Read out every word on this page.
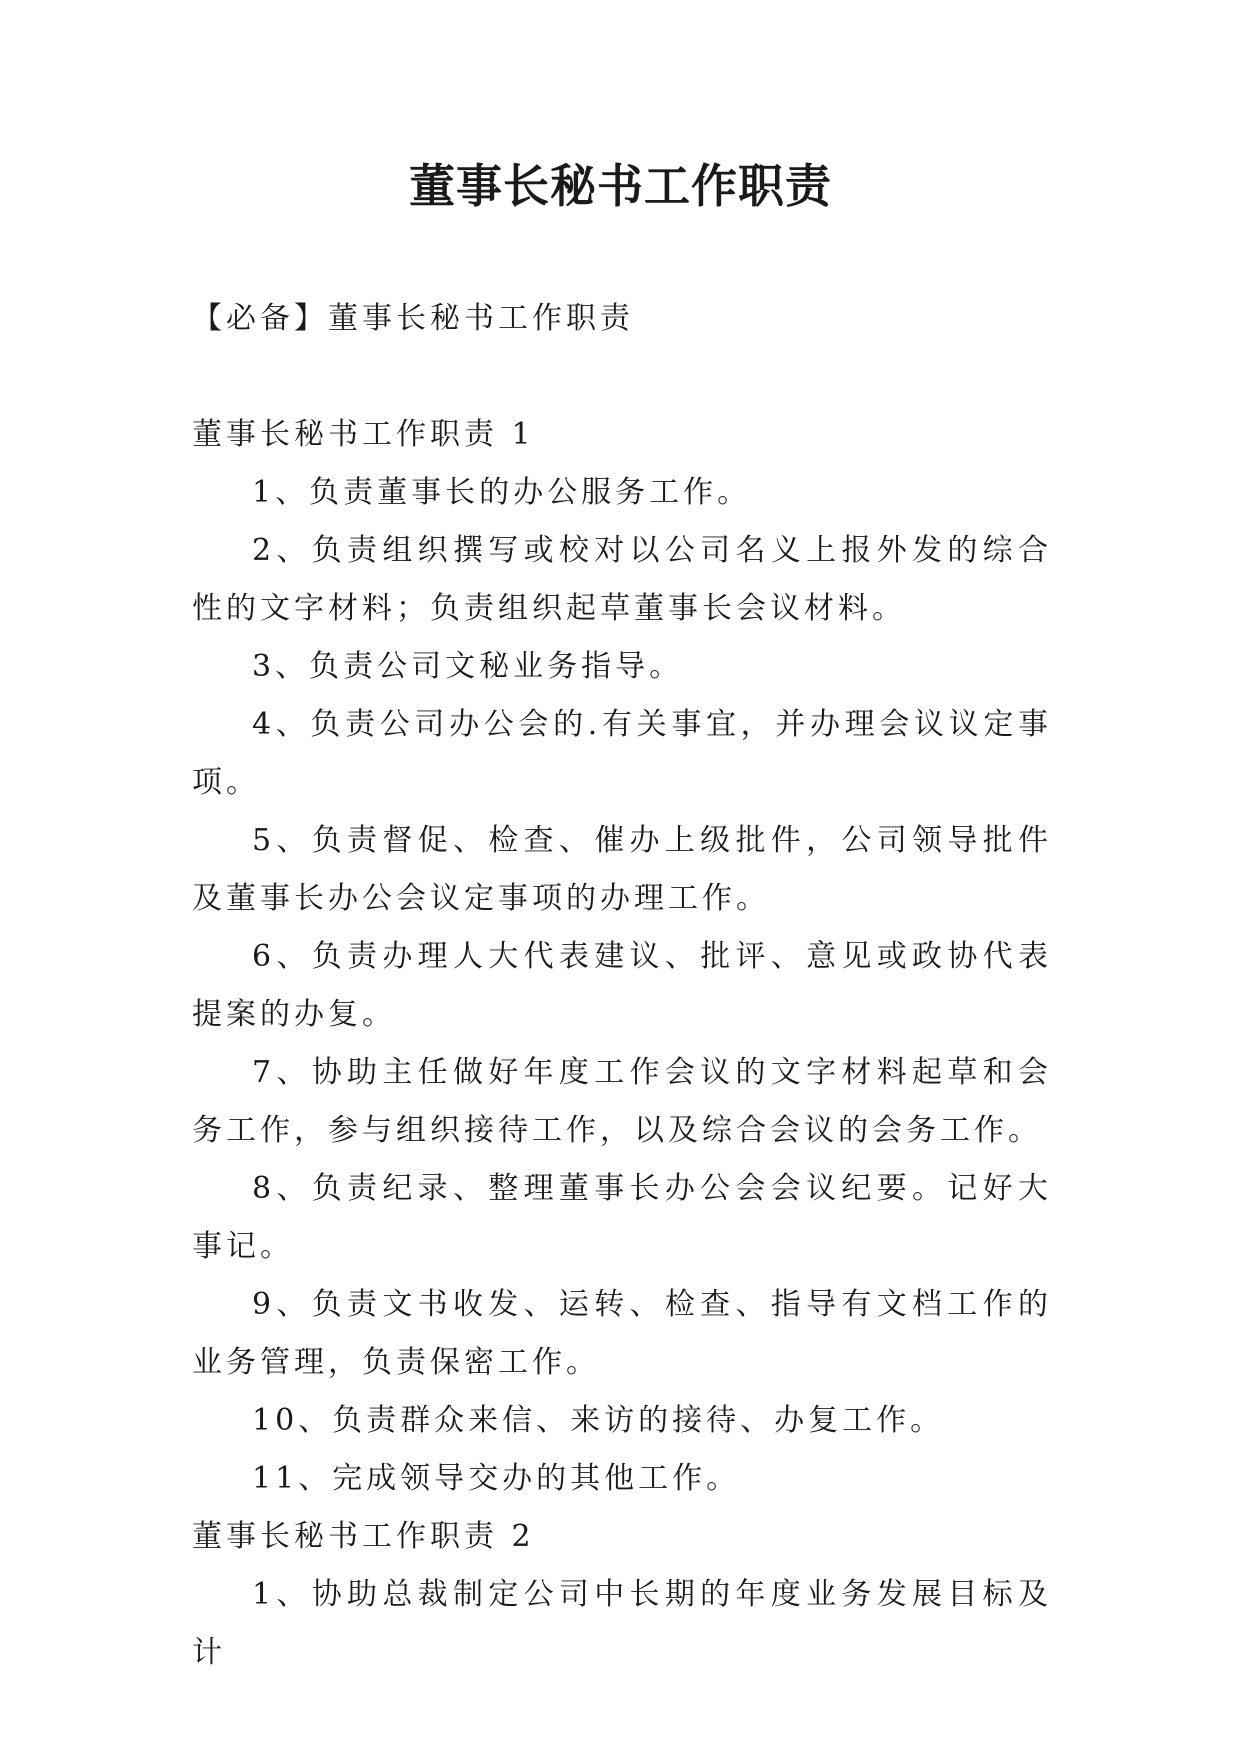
董事长秘书工作职责

【必备】董事长秘书工作职责

董事长秘书工作职责 1

1、负责董事长的办公服务工作。

2、负责组织撰写或校对以公司名义上报外发的综合性的文字材料；负责组织起草董事长会议材料。

3、负责公司文秘业务指导。

4、负责公司办公会的.有关事宜，并办理会议议定事项。

5、负责督促、检查、催办上级批件，公司领导批件及董事长办公会议定事项的办理工作。

6、负责办理人大代表建议、批评、意见或政协代表提案的办复。

7、协助主任做好年度工作会议的文字材料起草和会务工作，参与组织接待工作，以及综合会议的会务工作。

8、负责纪录、整理董事长办公会会议纪要。记好大事记。

9、负责文书收发、运转、检查、指导有文档工作的业务管理，负责保密工作。

10、负责群众来信、来访的接待、办复工作。

11、完成领导交办的其他工作。

董事长秘书工作职责 2

1、协助总裁制定公司中长期的年度业务发展目标及计
